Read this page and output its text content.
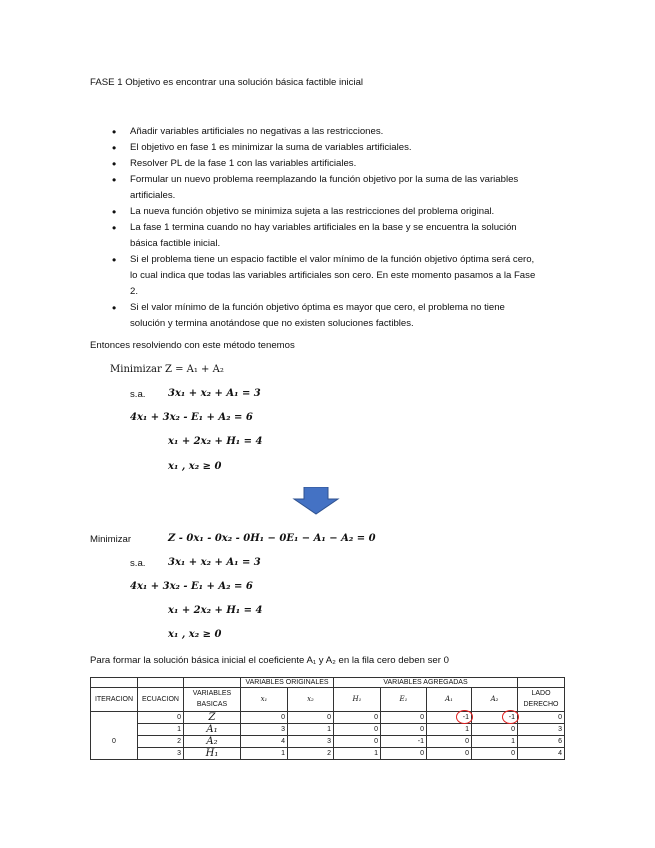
FASE 1 Objetivo es encontrar una solución básica factible inicial
• Añadir variables artificiales no negativas a las restricciones.
• El objetivo en fase 1 es minimizar la suma de variables artificiales.
• Resolver PL de la fase 1 con las variables artificiales.
• Formular un nuevo problema reemplazando la función objetivo por la suma de las variables artificiales.
• La nueva función objetivo se minimiza sujeta a las restricciones del problema original.
• La fase 1 termina cuando no hay variables artificiales en la base y se encuentra la solución básica factible inicial.
• Si el problema tiene un espacio factible el valor mínimo de la función objetivo óptima será cero, lo cual indica que todas las variables artificiales son cero. En este momento pasamos a la Fase 2.
• Si el valor mínimo de la función objetivo óptima es mayor que cero, el problema no tiene solución y termina anotándose que no existen soluciones factibles.
Entonces resolviendo con este método tenemos
Minimizar Z = A₁ + A₂
s.a. 3x₁ + x₂ + A₁ = 3
4x₁ + 3x₂ - E₁ + A₂ = 6
x₁ + 2x₂ + H₁ = 4
x₁ , x₂ ≥ 0
Minimizar	Z - 0x₁ - 0x₂ - 0H₁ − 0E₁ − A₁ − A₂ = 0
s.a. 3x₁ + x₂ + A₁ = 3
4x₁ + 3x₂ - E₁ + A₂ = 6
x₁ + 2x₂ + H₁ = 4
x₁ , x₂ ≥ 0
Para formar la solución básica inicial el coeficiente A₁ y A₂ en la fila cero deben ser 0
			VARIABLES ORIGINALES		VARIABLES AGREGADAS				
ITERACION	ECUACION	VARIABLES BASICAS	x₁	x₂	H₁	E₁	A₁	A₂	LADO DERECHO
	0	Z	0	0	0	0	-1	-1	0
	1	A₁	3	1	0	0	1	0	3
0	2	A₂	4	3	0	-1	0	1	6
	3	H₁	1	2	1	0	0	0	4
